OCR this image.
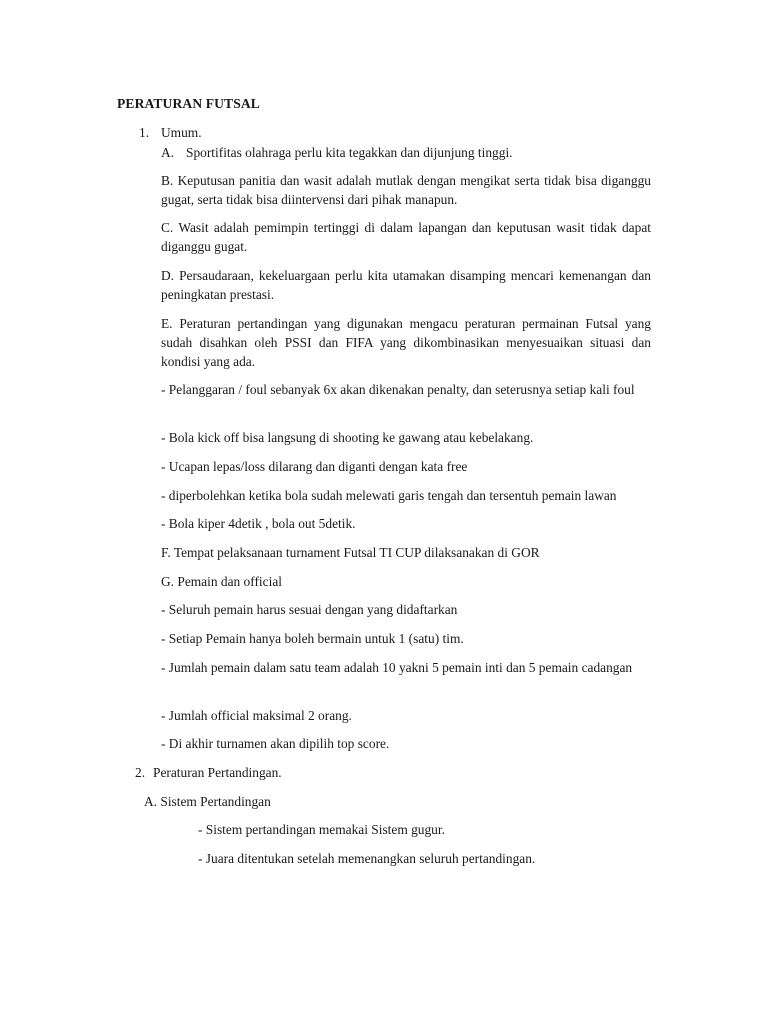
PERATURAN FUTSAL
1. Umum.
A. Sportifitas olahraga perlu kita tegakkan dan dijunjung tinggi.
B. Keputusan panitia dan wasit adalah mutlak dengan mengikat serta tidak bisa diganggu gugat, serta tidak bisa diintervensi dari pihak manapun.
C. Wasit adalah pemimpin tertinggi di dalam lapangan dan keputusan wasit tidak dapat diganggu gugat.
D. Persaudaraan, kekeluargaan perlu kita utamakan disamping mencari kemenangan dan peningkatan prestasi.
E. Peraturan pertandingan yang digunakan mengacu peraturan permainan Futsal yang sudah disahkan oleh PSSI dan FIFA yang dikombinasikan menyesuaikan situasi dan kondisi yang ada.
- Pelanggaran / foul sebanyak 6x akan dikenakan penalty, dan seterusnya setiap kali foul
- Bola kick off bisa langsung di shooting ke gawang atau kebelakang.
- Ucapan lepas/loss dilarang dan diganti dengan kata free
- diperbolehkan ketika bola sudah melewati garis tengah dan tersentuh pemain lawan
- Bola kiper 4detik , bola out 5detik.
F. Tempat pelaksanaan turnament Futsal TI CUP dilaksanakan di GOR
G. Pemain dan official
- Seluruh pemain harus sesuai dengan yang didaftarkan
- Setiap Pemain hanya boleh bermain untuk 1 (satu) tim.
- Jumlah pemain dalam satu team adalah 10 yakni 5 pemain inti dan 5 pemain cadangan
- Jumlah official maksimal 2 orang.
- Di akhir turnamen akan dipilih top score.
2. Peraturan Pertandingan.
A. Sistem Pertandingan
- Sistem pertandingan memakai Sistem gugur.
- Juara ditentukan setelah memenangkan seluruh pertandingan.
